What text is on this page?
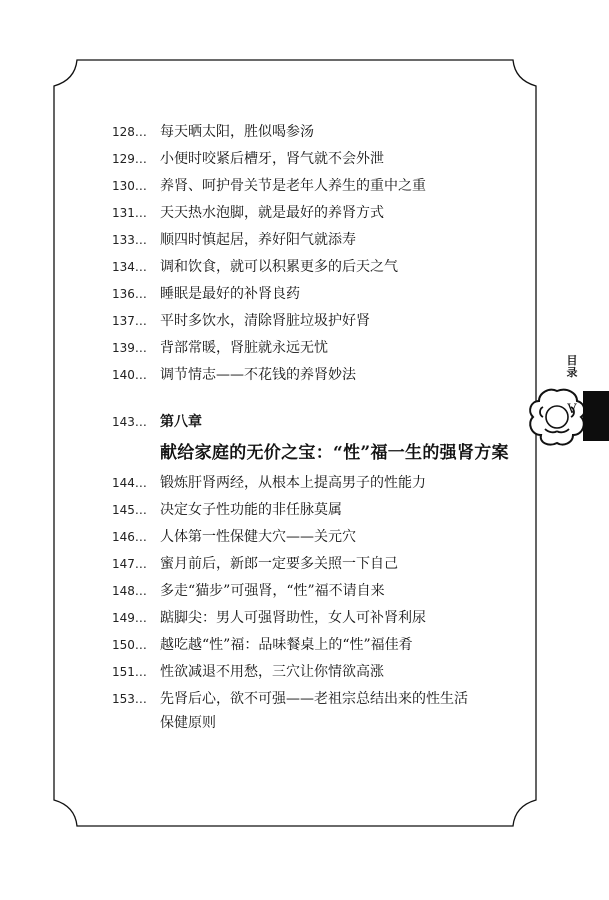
128… 每天晒太阳，胜似喝参汤
129… 小便时咬紧后槽牙，肾气就不会外泄
130… 养肾、呵护骨关节是老年人养生的重中之重
131… 天天热水泡脚，就是最好的养肾方式
133… 顺四时慎起居，养好阳气就添寿
134… 调和饮食，就可以积累更多的后天之气
136… 睡眠是最好的补肾良药
137… 平时多饮水，清除肾脏垃圾护好肾
139… 背部常暖，肾脏就永远无忧
140… 调节情志——不花钱的养肾妙法
143… 第八章
献给家庭的无价之宝：“性”福一生的强肾方案
144… 锻炼肝肾两经，从根本上提高男子的性能力
145… 决定女子性功能的非任脉莫属
146… 人体第一性保健大穴——关元穴
147… 蜜月前后，新郎一定要多关照一下自己
148… 多走“猫步”可强肾，“性”福不请自来
149… 踮脚尖：男人可强肾助性，女人可补肾利尿
150… 越吃越“性”福：品味餐桌上的“性”福佳肴
151… 性欲减退不用愁，三穴让你情欲高涨
153… 先肾后心，欲不可强——老祖宗总结出来的性生活
保健原则
目
录
V
